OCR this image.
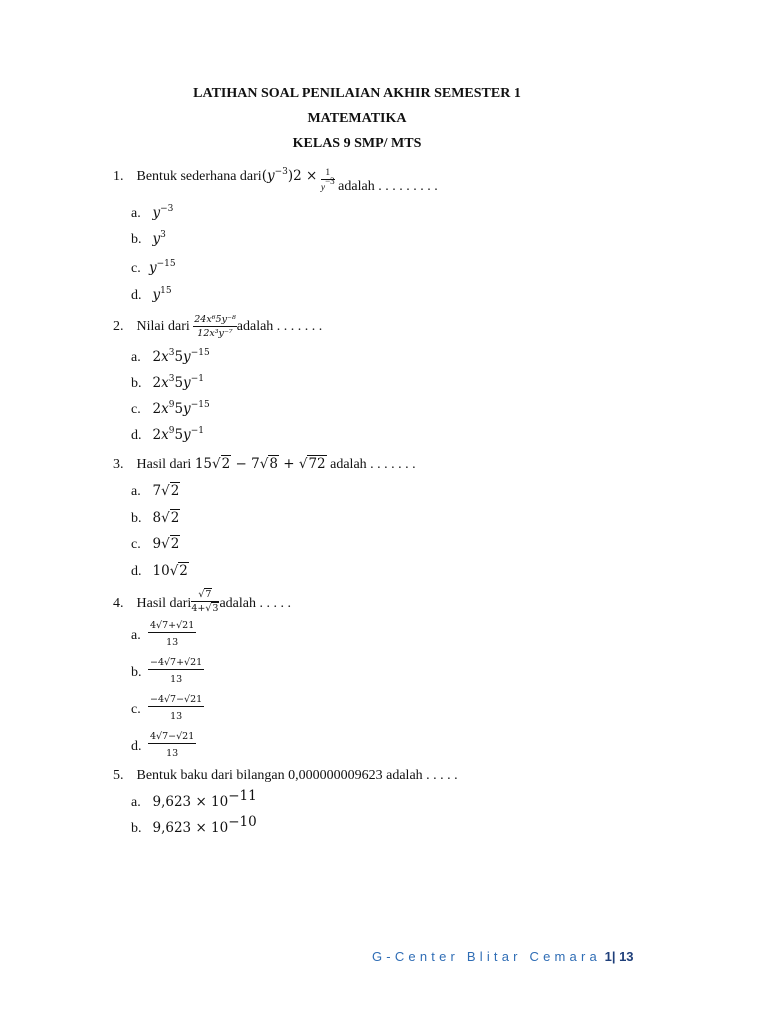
LATIHAN SOAL PENILAIAN AKHIR SEMESTER 1
MATEMATIKA
KELAS 9 SMP/ MTS
1. Bentuk sederhana $dari(y^{-3})2 \times \frac{1}{y^{-3}}$ adalah . . . . . . . . .
a. $y^{-3}$
b. $y^3$
c. $y^{-15}$
d. $y^{15}$
2. Nilai dari $\frac{\text{24x⁶5y⁻⁸}}{\text{12x³y⁻⁷}}$ adalah . . . . . . .
a. $2x^35y^{-15}$
b. $2x^35y^{-1}$
c. $2x^95y^{-15}$
d. $2x^95y^{-1}$
3. Hasil dari 15√2 − 7√8 + √72 adalah . . . . . . .
a. 7√2
b. 8√2
c. 9√2
d. 10√2
4. Hasil dari $\frac{√7}{4+√3}$ adalah . . . . .
a.
4√7+√21
13
b.
−4√7+√21
13
c.
−4√7−√21
13
d.
4√7−√21
13
5. Bentuk baku dari bilangan 0,000000009623 adalah . . . . .
a. $9,623 \times 10^{-11}$
b. $9,623 \times 10^{-10}$
G-Center Blitar Cemara 1| 13
